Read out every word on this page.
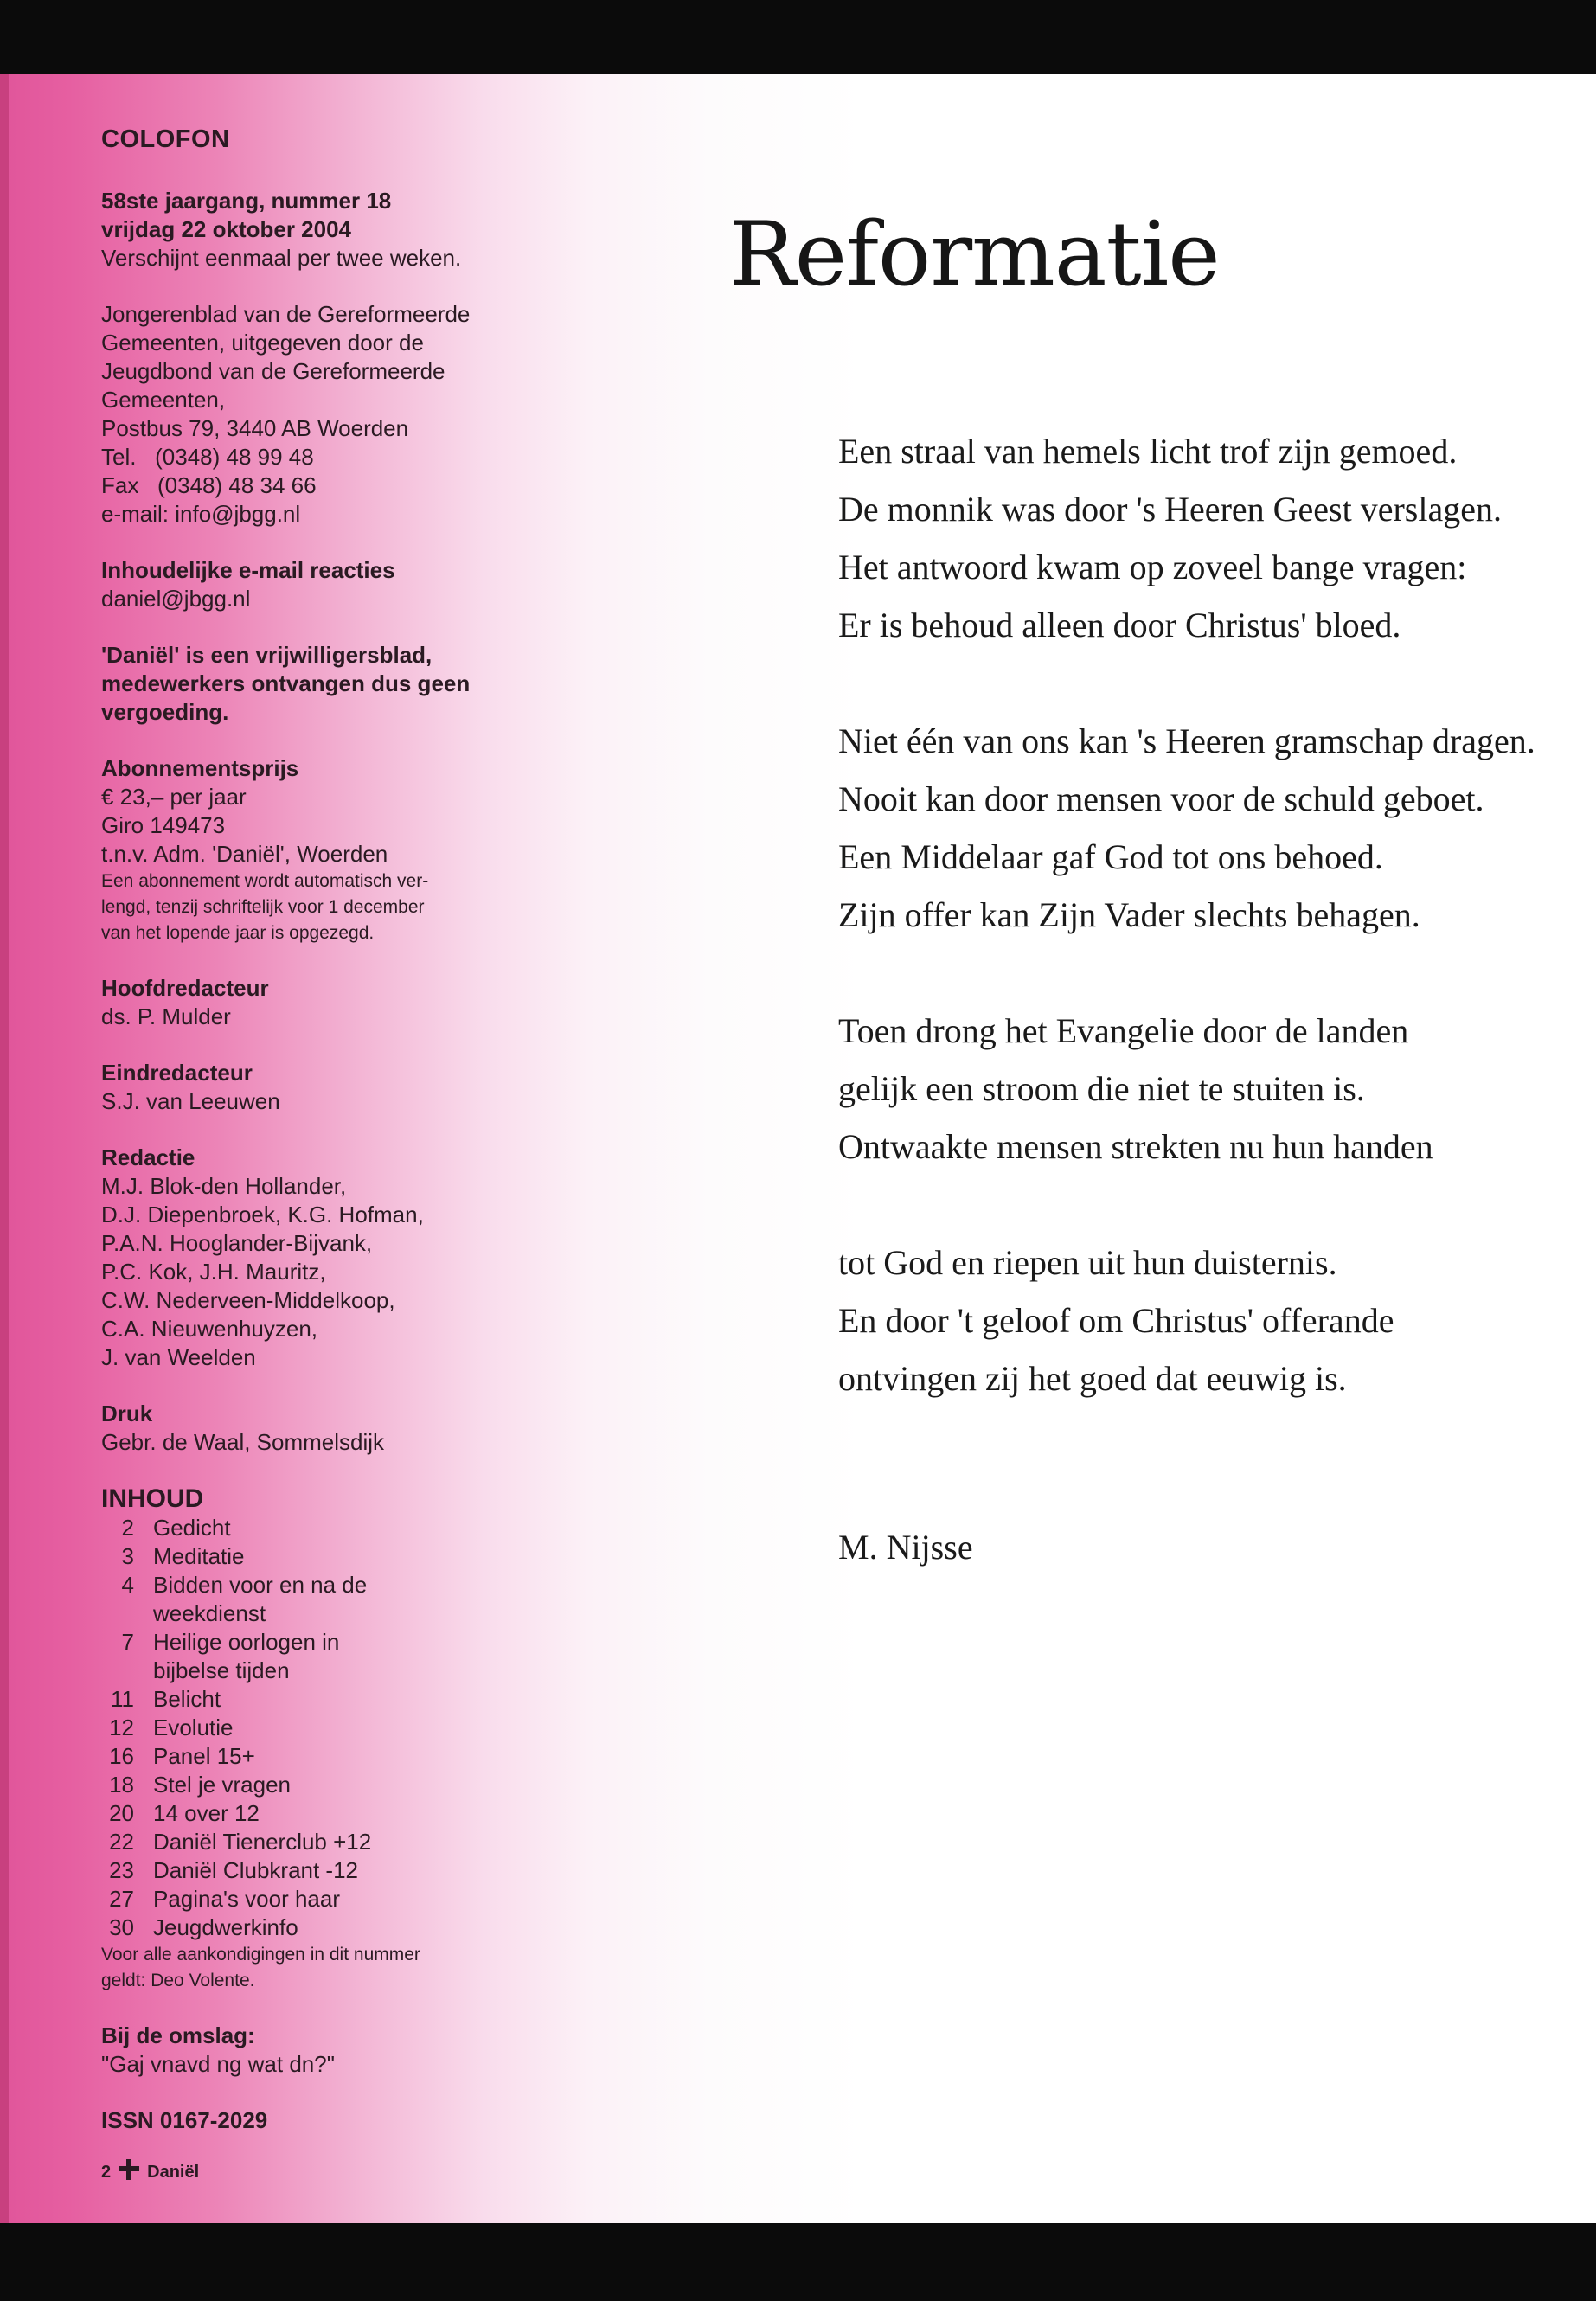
COLOFON
58ste jaargang, nummer 18
vrijdag 22 oktober 2004
Verschijnt eenmaal per twee weken.
Jongerenblad van de Gereformeerde
Gemeenten, uitgegeven door de
Jeugdbond van de Gereformeerde
Gemeenten,
Postbus 79, 3440 AB Woerden
Tel.   (0348) 48 99 48
Fax   (0348) 48 34 66
e-mail: info@jbgg.nl
Inhoudelijke e-mail reacties
daniel@jbgg.nl
'Daniël' is een vrijwilligersblad,
medewerkers ontvangen dus geen
vergoeding.
Abonnementsprijs
€ 23,– per jaar
Giro 149473
t.n.v. Adm. 'Daniël', Woerden
Een abonnement wordt automatisch ver-
lengd, tenzij schriftelijk voor 1 december
van het lopende jaar is opgezegd.
Hoofdredacteur
ds. P. Mulder
Eindredacteur
S.J. van Leeuwen
Redactie
M.J. Blok-den Hollander,
D.J. Diepenbroek, K.G. Hofman,
P.A.N. Hooglander-Bijvank,
P.C. Kok, J.H. Mauritz,
C.W. Nederveen-Middelkoop,
C.A. Nieuwenhuyzen,
J. van Weelden
Druk
Gebr. de Waal, Sommelsdijk
INHOUD
2 Gedicht
3 Meditatie
4 Bidden voor en na de
weekdienst
7 Heilige oorlogen in
bijbelse tijden
11 Belicht
12 Evolutie
16 Panel 15+
18 Stel je vragen
20 14 over 12
22 Daniël Tienerclub +12
23 Daniël Clubkrant -12
27 Pagina's voor haar
30 Jeugdwerkinfo
Voor alle aankondigingen in dit nummer
geldt: Deo Volente.
Bij de omslag:
"Gaj vnavd ng wat dn?"
ISSN 0167-2029
2 Daniël
Reformatie
Een straal van hemels licht trof zijn gemoed.
De monnik was door 's Heeren Geest verslagen.
Het antwoord kwam op zoveel bange vragen:
Er is behoud alleen door Christus' bloed.
Niet één van ons kan 's Heeren gramschap dragen.
Nooit kan door mensen voor de schuld geboet.
Een Middelaar gaf God tot ons behoed.
Zijn offer kan Zijn Vader slechts behagen.
Toen drong het Evangelie door de landen
gelijk een stroom die niet te stuiten is.
Ontwaakte mensen strekten nu hun handen
tot God en riepen uit hun duisternis.
En door 't geloof om Christus' offerande
ontvingen zij het goed dat eeuwig is.
M. Nijsse
